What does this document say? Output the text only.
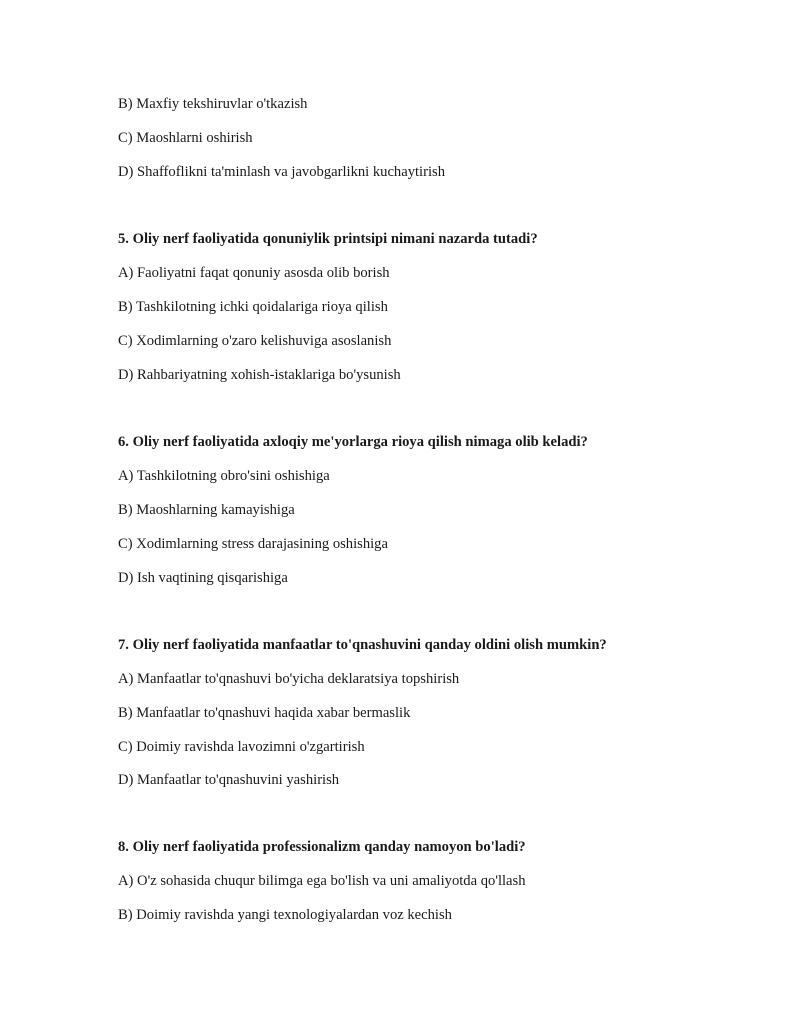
B) Maxfiy tekshiruvlar o'tkazish
C) Maoshlarni oshirish
D) Shaffoflikni ta'minlash va javobgarlikni kuchaytirish
5. Oliy nerf faoliyatida qonuniylik printsipi nimani nazarda tutadi?
A) Faoliyatni faqat qonuniy asosda olib borish
B) Tashkilotning ichki qoidalariga rioya qilish
C) Xodimlarning o'zaro kelishuviga asoslanish
D) Rahbariyatning xohish-istaklariga bo'ysunish
6. Oliy nerf faoliyatida axloqiy me'yorlarga rioya qilish nimaga olib keladi?
A) Tashkilotning obro'sini oshishiga
B) Maoshlarning kamayishiga
C) Xodimlarning stress darajasining oshishiga
D) Ish vaqtining qisqarishiga
7. Oliy nerf faoliyatida manfaatlar to'qnashuvini qanday oldini olish mumkin?
A) Manfaatlar to'qnashuvi bo'yicha deklaratsiya topshirish
B) Manfaatlar to'qnashuvi haqida xabar bermaslik
C) Doimiy ravishda lavozimni o'zgartirish
D) Manfaatlar to'qnashuvini yashirish
8. Oliy nerf faoliyatida professionalizm qanday namoyon bo'ladi?
A) O'z sohasida chuqur bilimga ega bo'lish va uni amaliyotda qo'llash
B) Doimiy ravishda yangi texnologiyalardan voz kechish
